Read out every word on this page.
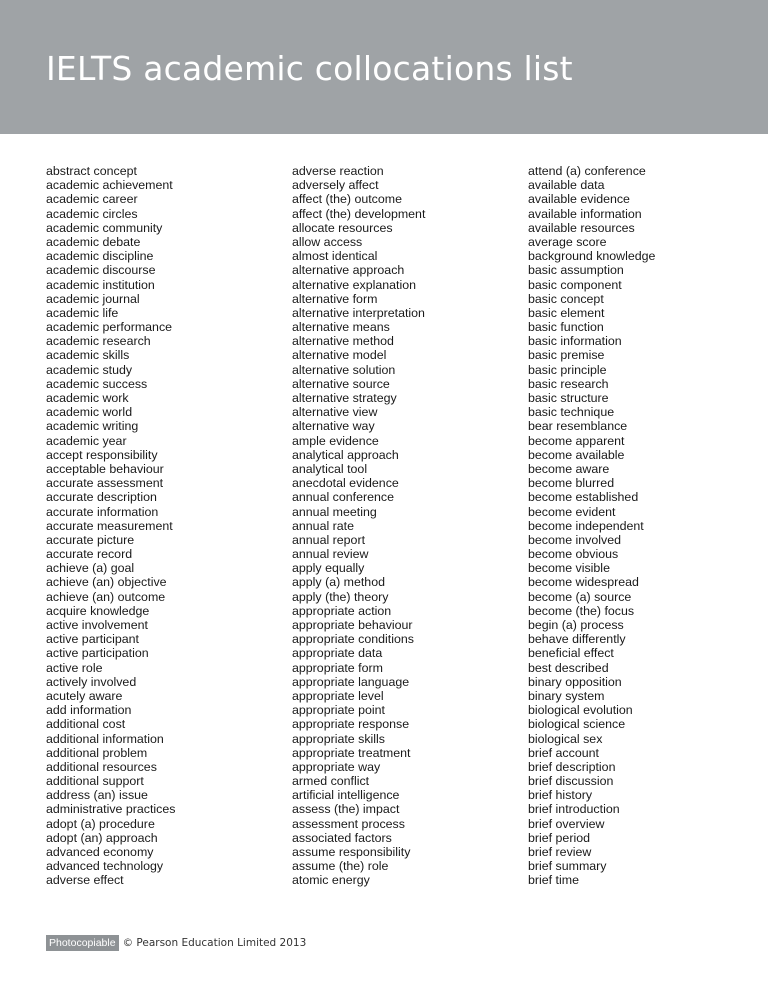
IELTS academic collocations list
abstract concept
academic achievement
academic career
academic circles
academic community
academic debate
academic discipline
academic discourse
academic institution
academic journal
academic life
academic performance
academic research
academic skills
academic study
academic success
academic work
academic world
academic writing
academic year
accept responsibility
acceptable behaviour
accurate assessment
accurate description
accurate information
accurate measurement
accurate picture
accurate record
achieve (a) goal
achieve (an) objective
achieve (an) outcome
acquire knowledge
active involvement
active participant
active participation
active role
actively involved
acutely aware
add information
additional cost
additional information
additional problem
additional resources
additional support
address (an) issue
administrative practices
adopt (a) procedure
adopt (an) approach
advanced economy
advanced technology
adverse effect
adverse reaction
adversely affect
affect (the) outcome
affect (the) development
allocate resources
allow access
almost identical
alternative approach
alternative explanation
alternative form
alternative interpretation
alternative means
alternative method
alternative model
alternative solution
alternative source
alternative strategy
alternative view
alternative way
ample evidence
analytical approach
analytical tool
anecdotal evidence
annual conference
annual meeting
annual rate
annual report
annual review
apply equally
apply (a) method
apply (the) theory
appropriate action
appropriate behaviour
appropriate conditions
appropriate data
appropriate form
appropriate language
appropriate level
appropriate point
appropriate response
appropriate skills
appropriate treatment
appropriate way
armed conflict
artificial intelligence
assess (the) impact
assessment process
associated factors
assume responsibility
assume (the) role
atomic energy
attend (a) conference
available data
available evidence
available information
available resources
average score
background knowledge
basic assumption
basic component
basic concept
basic element
basic function
basic information
basic premise
basic principle
basic research
basic structure
basic technique
bear resemblance
become apparent
become available
become aware
become blurred
become established
become evident
become independent
become involved
become obvious
become visible
become widespread
become (a) source
become (the) focus
begin (a) process
behave differently
beneficial effect
best described
binary opposition
binary system
biological evolution
biological science
biological sex
brief account
brief description
brief discussion
brief history
brief introduction
brief overview
brief period
brief review
brief summary
brief time
Photocopiable © Pearson Education Limited 2013
